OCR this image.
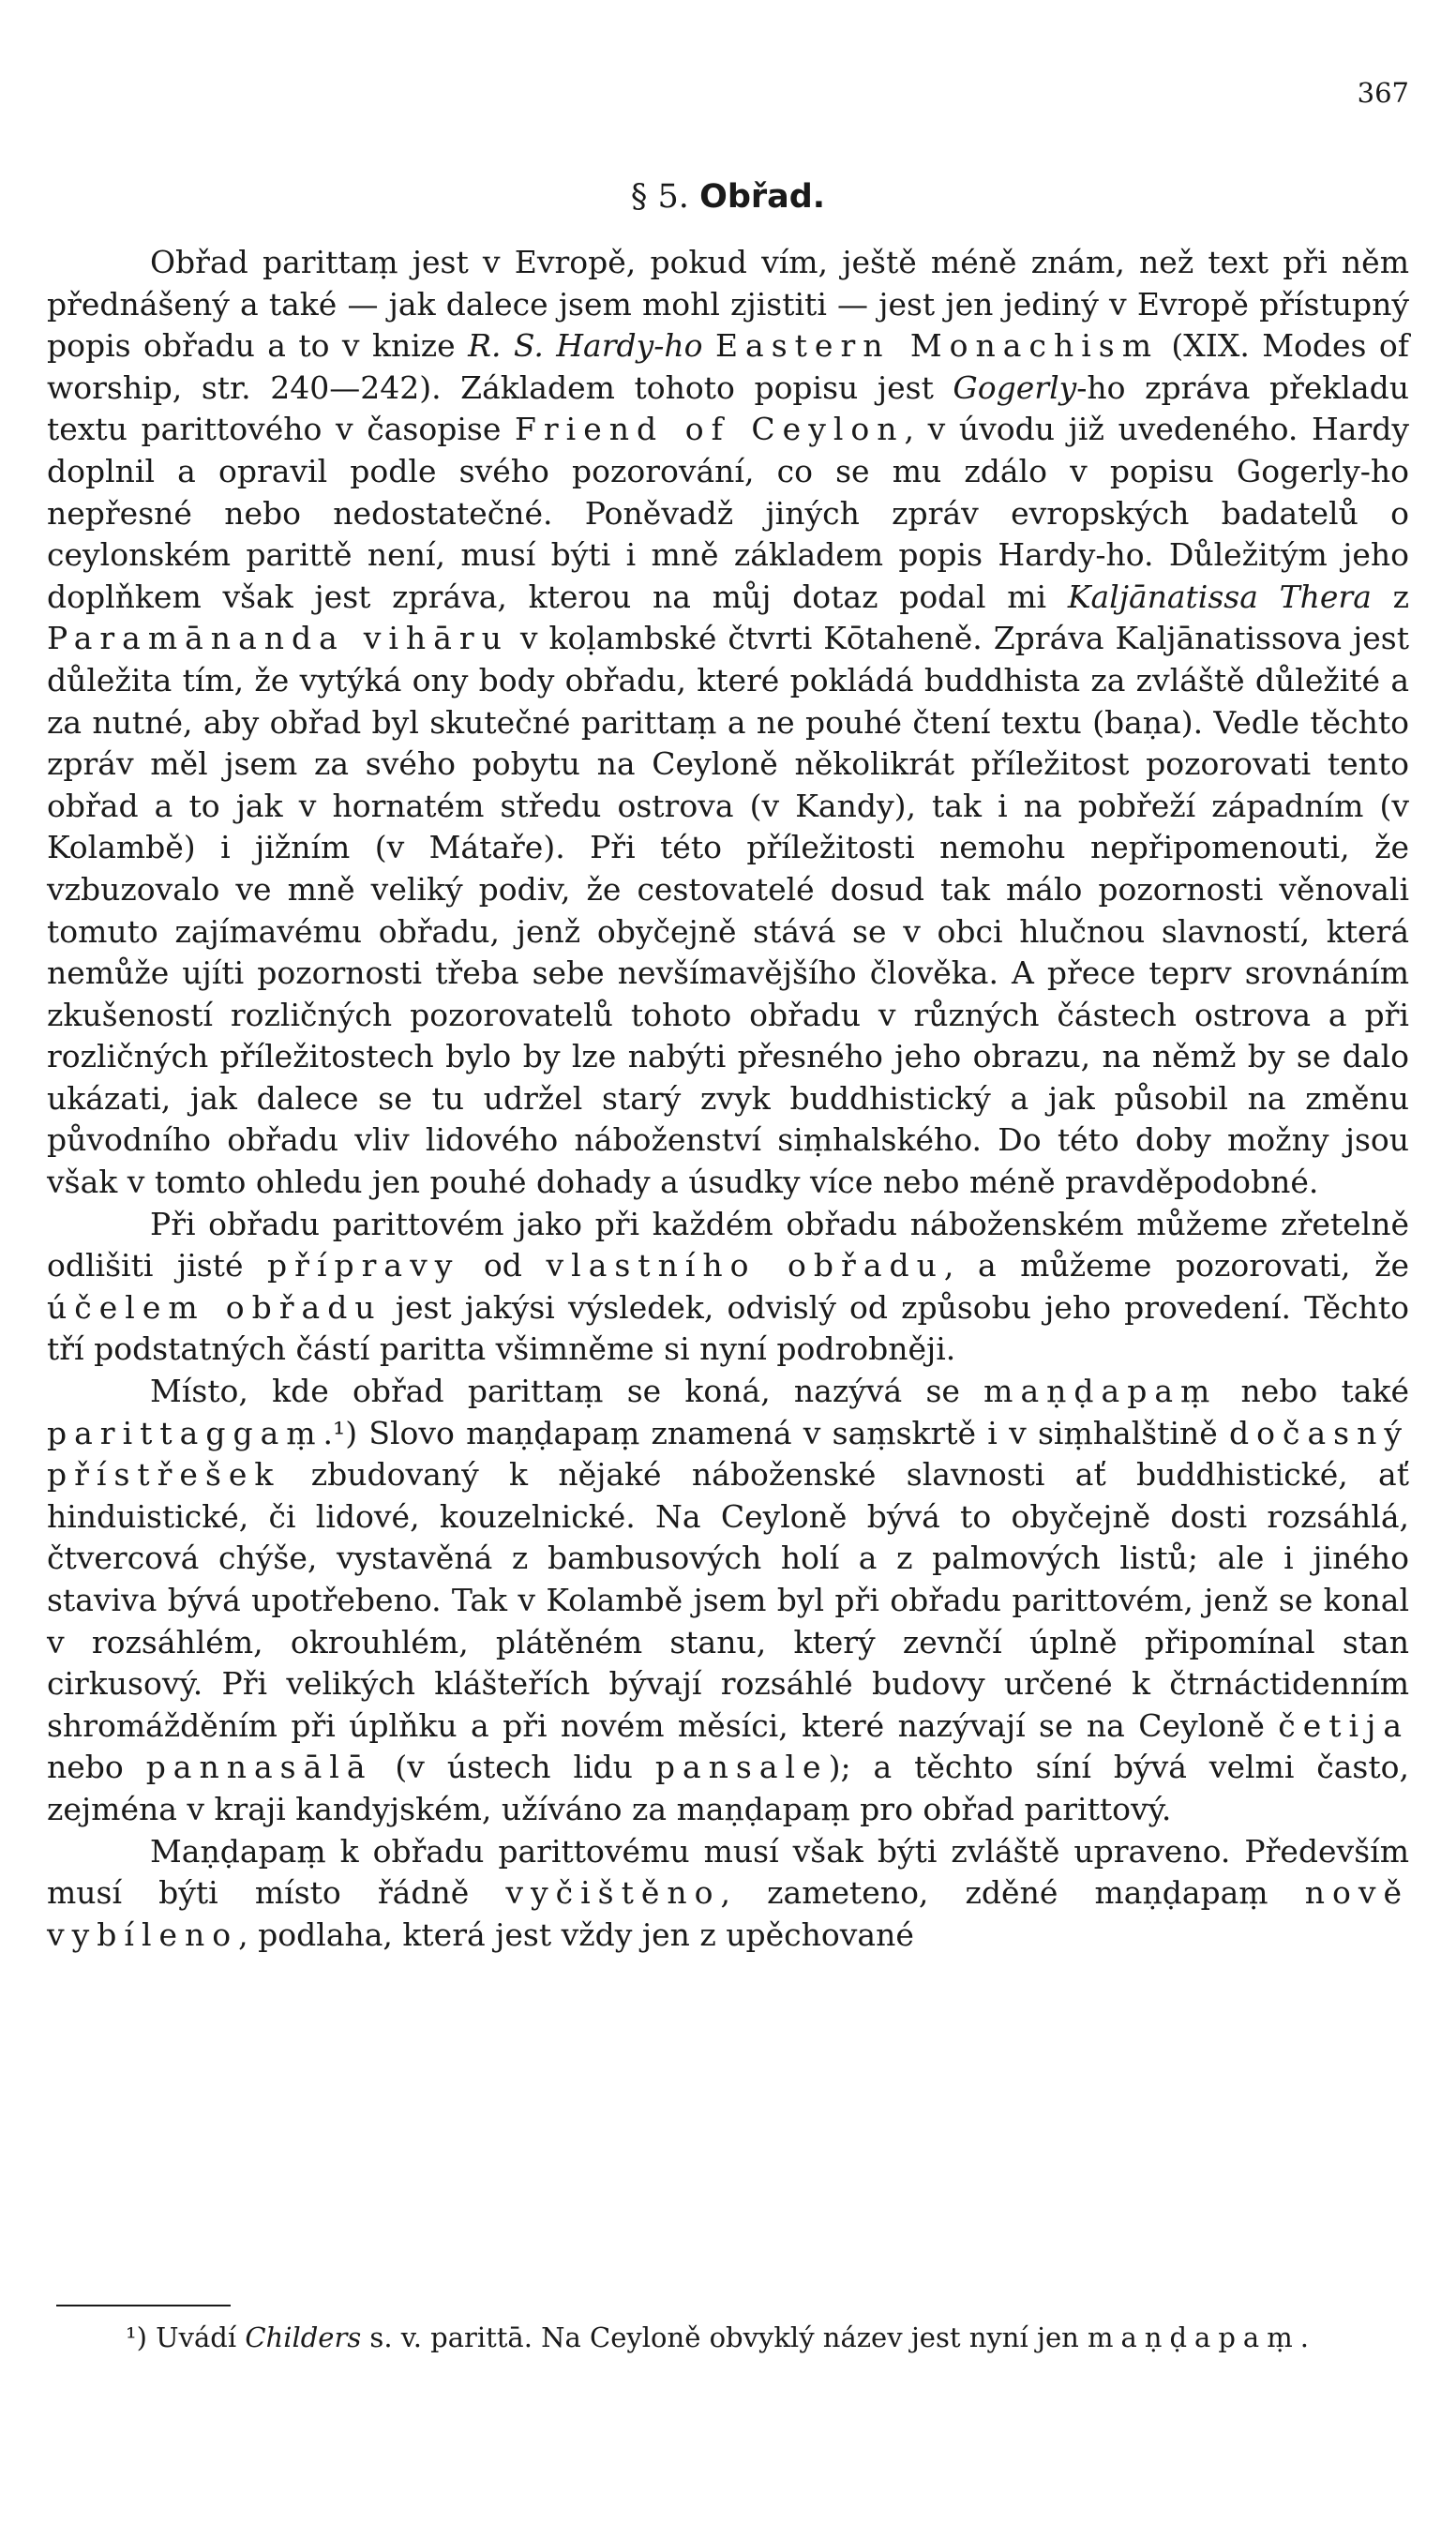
367
§ 5. Obřad.

Obřad parittaṃ jest v Evropě, pokud vím, ještě méně znám, než text při něm přednášený a také — jak dalece jsem mohl zjistiti — jest jen jediný v Evropě přístupný popis obřadu a to v knize R. S. Hardy-ho Eastern Monachism (XIX. Modes of worship, str. 240—242). Základem tohoto popisu jest Gogerly-ho zpráva překladu textu parittového v časopise Friend of Ceylon, v úvodu již uvedeného. Hardy doplnil a opravil podle svého pozorování, co se mu zdálo v popisu Gogerly-ho nepřesné nebo nedostatečné. Poněvadž jiných zpráv evropských badatelů o ceylonském parittě není, musí býti i mně základem popis Hardy-ho. Důležitým jeho doplňkem však jest zpráva, kterou na můj dotaz podal mi Kaljānatissa Thera z Paramānanda vihāru v koḷambské čtvrti Kōtaheně. Zpráva Kaljānatissova jest důležita tím, že vytýká ony body obřadu, které pokládá buddhista za zvláště důležité a za nutné, aby obřad byl skutečné parittaṃ a ne pouhé čtení textu (baṇa). Vedle těchto zpráv měl jsem za svého pobytu na Ceyloně několikrát příležitost pozorovati tento obřad a to jak v hornatém středu ostrova (v Kandy), tak i na pobřeží západním (v Kolambě) i jižním (v Mátaře). Při této příležitosti nemohu nepřipomenouti, že vzbuzovalo ve mně veliký podiv, že cestovatelé dosud tak málo pozornosti věnovali tomuto zajímavému obřadu, jenž obyčejně stává se v obci hlučnou slavností, která nemůže ujíti pozornosti třeba sebe nevšímavějšího člověka. A přece teprv srovnáním zkušeností rozličných pozorovatelů tohoto obřadu v různých částech ostrova a při rozličných příležitostech bylo by lze nabýti přesného jeho obrazu, na němž by se dalo ukázati, jak dalece se tu udržel starý zvyk buddhistický a jak působil na změnu původního obřadu vliv lidového náboženství siṃhalského. Do této doby možny jsou však v tomto ohledu jen pouhé dohady a úsudky více nebo méně pravděpodobné.

Při obřadu parittovém jako při každém obřadu náboženském můžeme zřetelně odlišiti jisté přípravy od vlastního obřadu, a můžeme pozorovati, že účelem obřadu jest jakýsi výsledek, odvislý od způsobu jeho provedení. Těchto tří podstatných částí paritta všimněme si nyní podrobněji.

Místo, kde obřad parittaṃ se koná, nazývá se maṇḍapaṃ nebo také parittaggaṃ.¹) Slovo maṇḍapaṃ znamená v saṃskrtě i v siṃhalštině dočasný přístřešek zbudovaný k nějaké náboženské slavnosti ať buddhistické, ať hinduistické, či lidové, kouzelnické. Na Ceyloně bývá to obyčejně dosti rozsáhlá, čtvercová chýše, vystavěná z bambusových holí a z palmových listů; ale i jiného staviva bývá upotřebeno. Tak v Kolambě jsem byl při obřadu parittovém, jenž se konal v rozsáhlém, okrouhlém, plátěném stanu, který zevnčí úplně připomínal stan cirkusový. Při velikých klášteřích bývají rozsáhlé budovy určené k čtrnáctidenním shromážděním při úplňku a při novém měsíci, které nazývají se na Ceyloně četija nebo pannasālā (v ústech lidu pansale); a těchto síní bývá velmi často, zejména v kraji kandyjském, užíváno za maṇḍapaṃ pro obřad parittový.

Maṇḍapaṃ k obřadu parittovému musí však býti zvláště upraveno. Především musí býti místo řádně vyčištěno, zameteno, zděné maṇḍapaṃ nově vybíleno, podlaha, která jest vždy jen z upěchované

¹) Uvádí Childers s. v. parittā. Na Ceyloně obvyklý název jest nyní jen maṇḍapaṃ.
